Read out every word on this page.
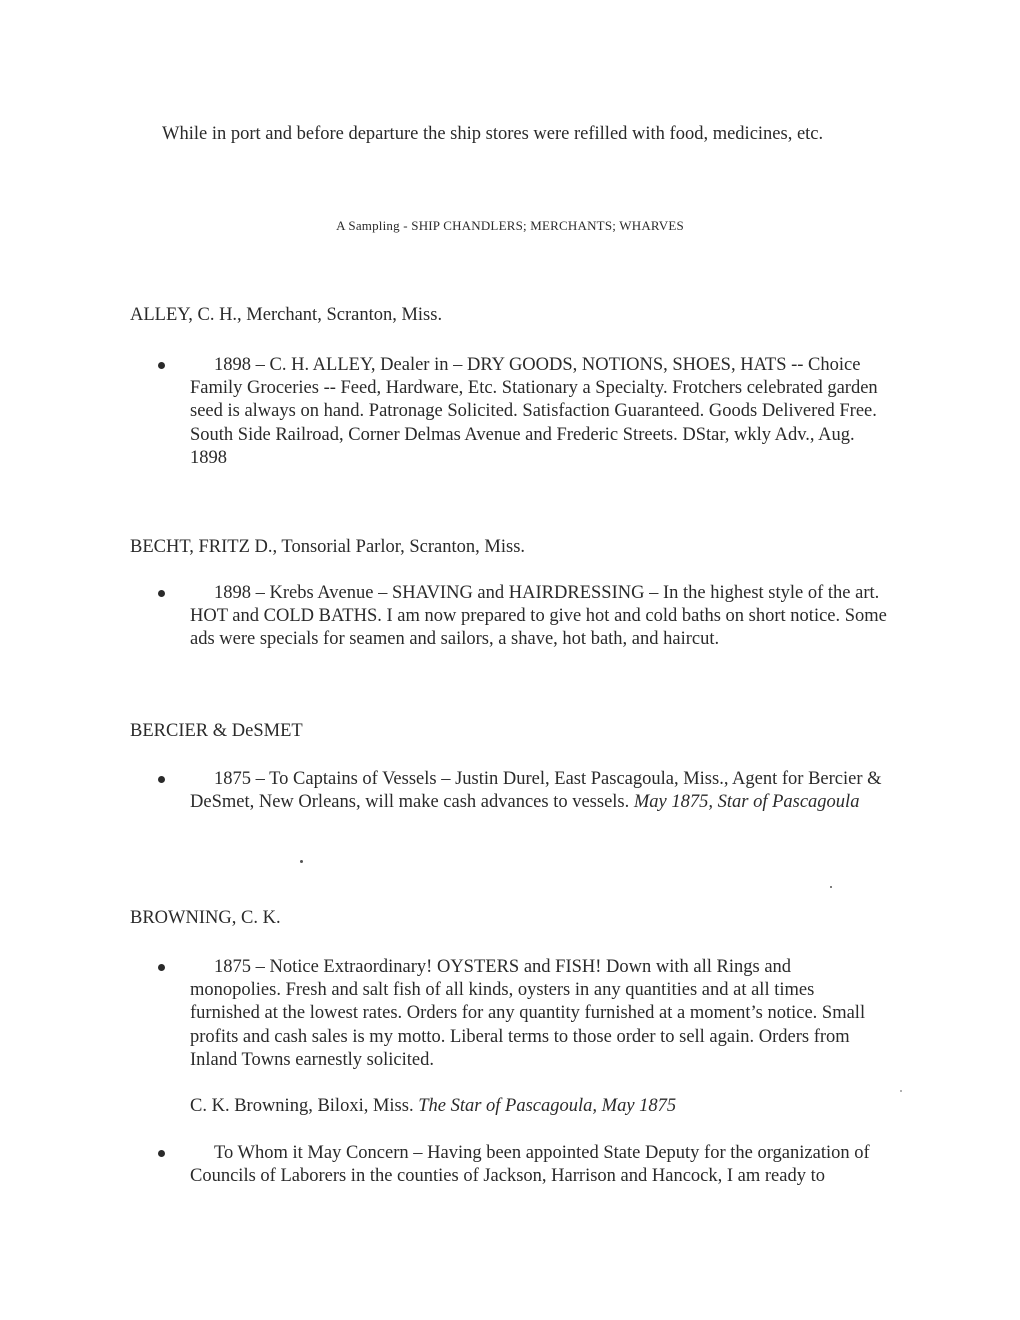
While in port and before departure the ship stores were refilled with food, medicines, etc.
A Sampling - SHIP CHANDLERS; MERCHANTS; WHARVES
ALLEY, C. H., Merchant, Scranton, Miss.
1898 – C. H. ALLEY, Dealer in – DRY GOODS, NOTIONS, SHOES, HATS -- Choice Family Groceries -- Feed, Hardware, Etc. Stationary a Specialty. Frotchers celebrated garden seed is always on hand. Patronage Solicited. Satisfaction Guaranteed. Goods Delivered Free. South Side Railroad, Corner Delmas Avenue and Frederic Streets. DStar, wkly Adv., Aug. 1898
BECHT, FRITZ D., Tonsorial Parlor, Scranton, Miss.
1898 – Krebs Avenue – SHAVING and HAIRDRESSING – In the highest style of the art. HOT and COLD BATHS. I am now prepared to give hot and cold baths on short notice. Some ads were specials for seamen and sailors, a shave, hot bath, and haircut.
BERCIER & DeSMET
1875 – To Captains of Vessels – Justin Durel, East Pascagoula, Miss., Agent for Bercier & DeSmet, New Orleans, will make cash advances to vessels. May 1875, Star of Pascagoula
BROWNING, C. K.
1875 – Notice Extraordinary! OYSTERS and FISH! Down with all Rings and monopolies. Fresh and salt fish of all kinds, oysters in any quantities and at all times furnished at the lowest rates. Orders for any quantity furnished at a moment’s notice. Small profits and cash sales is my motto. Liberal terms to those order to sell again. Orders from Inland Towns earnestly solicited.
C. K. Browning, Biloxi, Miss. The Star of Pascagoula, May 1875
To Whom it May Concern – Having been appointed State Deputy for the organization of Councils of Laborers in the counties of Jackson, Harrison and Hancock, I am ready to
